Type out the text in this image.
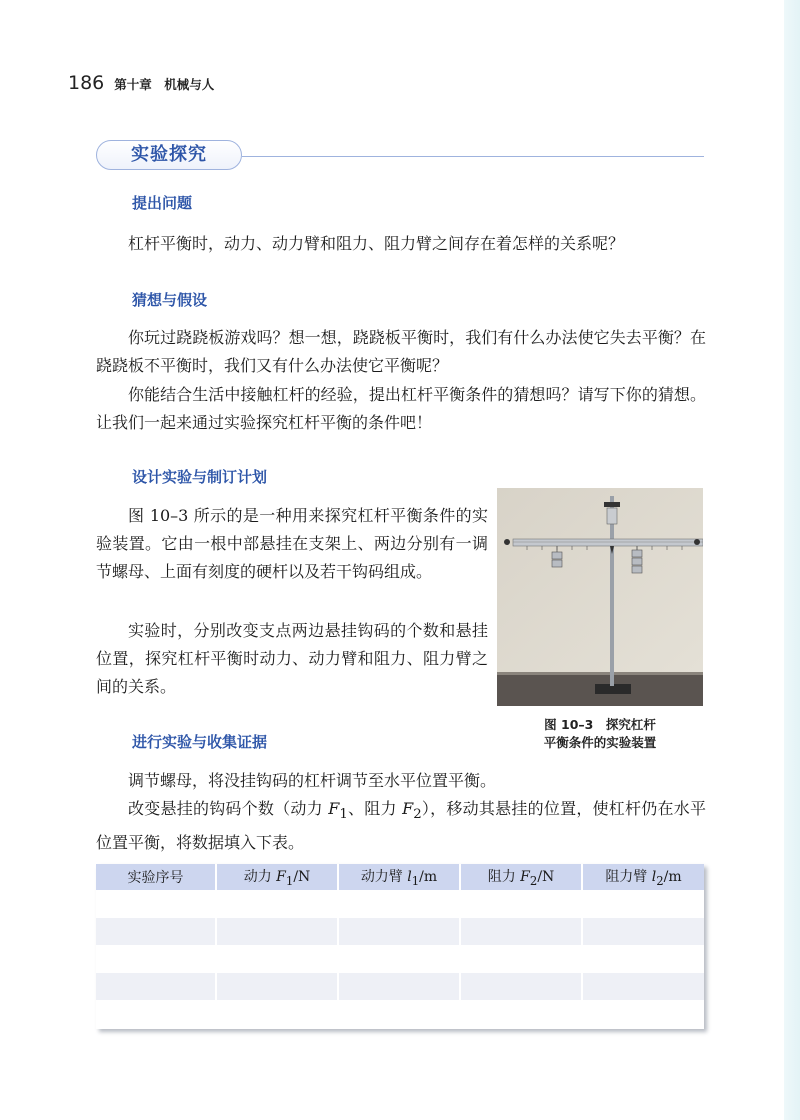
186 第十章　机械与人
实验探究
提出问题

杠杆平衡时，动力、动力臂和阻力、阻力臂之间存在着怎样的关系呢？

猜想与假设

你玩过跷跷板游戏吗？想一想，跷跷板平衡时，我们有什么办法使它失去平衡？在跷跷板不平衡时，我们又有什么办法使它平衡呢？

你能结合生活中接触杠杆的经验，提出杠杆平衡条件的猜想吗？请写下你的猜想。让我们一起来通过实验探究杠杆平衡的条件吧！

设计实验与制订计划

图 10–3 所示的是一种用来探究杠杆平衡条件的实验装置。它由一根中部悬挂在支架上、两边分别有一调节螺母、上面有刻度的硬杆以及若干钩码组成。

实验时，分别改变支点两边悬挂钩码的个数和悬挂位置，探究杠杆平衡时动力、动力臂和阻力、阻力臂之间的关系。

图 10–3　探究杠杆
平衡条件的实验装置
进行实验与收集证据

调节螺母，将没挂钩码的杠杆调节至水平位置平衡。

改变悬挂的钩码个数（动力 $F_1$、阻力 $F_2$），移动其悬挂的位置，使杠杆仍在水平位置平衡，将数据填入下表。

实验序号	动力 $F_1/N$	动力臂 $l_1/m$	阻力 $F_2/N$	阻力臂 $l_2/m$
